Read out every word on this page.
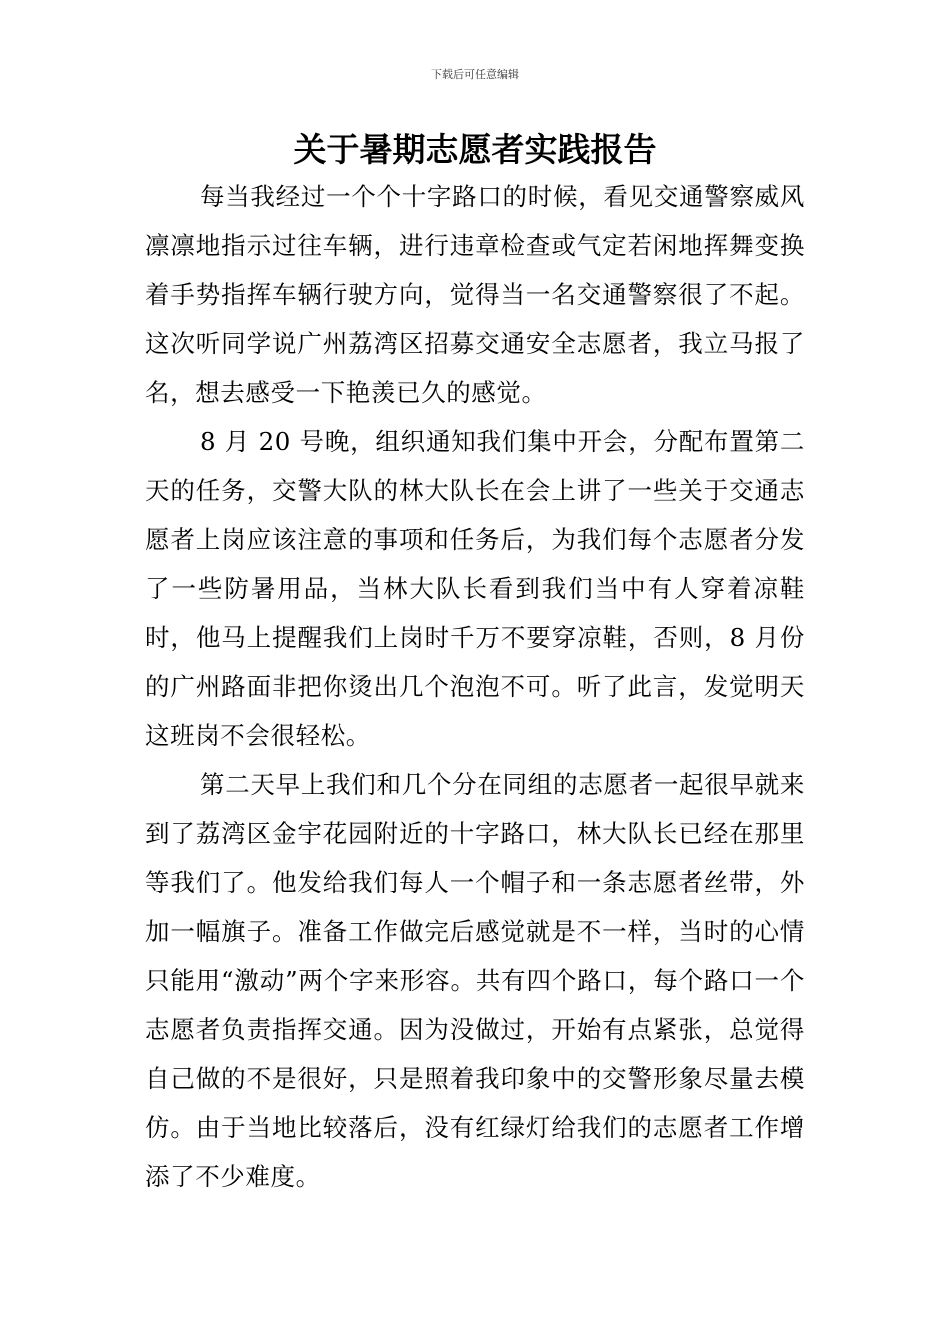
下载后可任意编辑
关于暑期志愿者实践报告

每当我经过一个个十字路口的时候，看见交通警察威风凛凛地指示过往车辆，进行违章检查或气定若闲地挥舞变换着手势指挥车辆行驶方向，觉得当一名交通警察很了不起。这次听同学说广州荔湾区招募交通安全志愿者，我立马报了名，想去感受一下艳羡已久的感觉。

8 月 20 号晚，组织通知我们集中开会，分配布置第二天的任务，交警大队的林大队长在会上讲了一些关于交通志愿者上岗应该注意的事项和任务后，为我们每个志愿者分发了一些防暑用品，当林大队长看到我们当中有人穿着凉鞋时，他马上提醒我们上岗时千万不要穿凉鞋，否则，8 月份的广州路面非把你烫出几个泡泡不可。听了此言，发觉明天这班岗不会很轻松。

第二天早上我们和几个分在同组的志愿者一起很早就来到了荔湾区金宇花园附近的十字路口，林大队长已经在那里等我们了。他发给我们每人一个帽子和一条志愿者丝带，外加一幅旗子。准备工作做完后感觉就是不一样，当时的心情只能用“激动”两个字来形容。共有四个路口，每个路口一个志愿者负责指挥交通。因为没做过，开始有点紧张，总觉得自己做的不是很好，只是照着我印象中的交警形象尽量去模仿。由于当地比较落后，没有红绿灯给我们的志愿者工作增添了不少难度。
